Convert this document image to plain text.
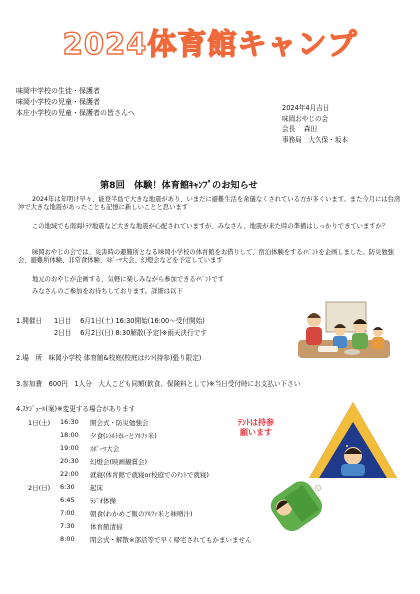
2024体育館キャンプ
味岡中学校の生徒・保護者
味岡小学校の児童・保護者
本庄小学校の児童・保護者の皆さんへ
2024年4月吉日
味岡おやじの会
会長　 森田
事務局　大久保・坂本
第8回　体験！体育館ｷｬﾝﾌﾟのお知らせ
2024年は年明け早々、能登半島で大きな地震があり、いまだに避難生活を余儀なくされている方が多くいます。また今月には台湾沖で大きな地震があったことも記憶に新しいことと思います
この地域でも南海ﾄﾗﾌ地震など大きな地震が心配されていますが、みなさん、地震が来た時の準備はしっかりできていますか？
味岡おやじの会では、災害時の避難所となる味岡小学校の体育館をお借りして、宿泊体験をするｲﾍﾞﾝﾄを企画しました。防災勉強会、避難所体験、非常食体験、ｽﾎﾟｰﾂ大会、幻燈会などを予定しています
地元のおやじが企画する、気軽に楽しみながら参加できるｲﾍﾞﾝﾄです
みなさんのご参加をお待ちしております。詳細は以下
1.開催日 1日目　 6月1日(土) 16:30開始(16:00～受付開始)
2日目　 6月2日(日) 8:30解散(予定)※雨天決行です
2.場　所　味岡小学校 体育館&校庭(校庭はﾃﾝﾄ(持参)張り限定)
3.参加費　600円　1人分　大人こども同額(飲食、保険料として)※当日受付時にお支払い下さい
4.ｽｹｼﾞｭｰﾙ(案)※変更する場合があります
1日(土) 16:30 開会式・防災勉強会
18:00 夕食(ﾚﾄﾙﾄｶﾚｰとｱﾙﾌｧ米)
19:00 ｽﾎﾟｰﾂ大会
20:30 幻燈会(映画観賞会)
22:00 就寝(体育館で就寝or校庭でのﾃﾝﾄで就寝)
2日(日) 6:30 起床
6:45 ﾗｼﾞｵ体操
7:00 朝食(わかめご飯のｱﾙﾌｧ米と味噌汁)
7:30 体育館清掃
8:00 閉会式・解散※部活等で早く帰宅されてもかまいません
ﾃﾝﾄは持参
願います
